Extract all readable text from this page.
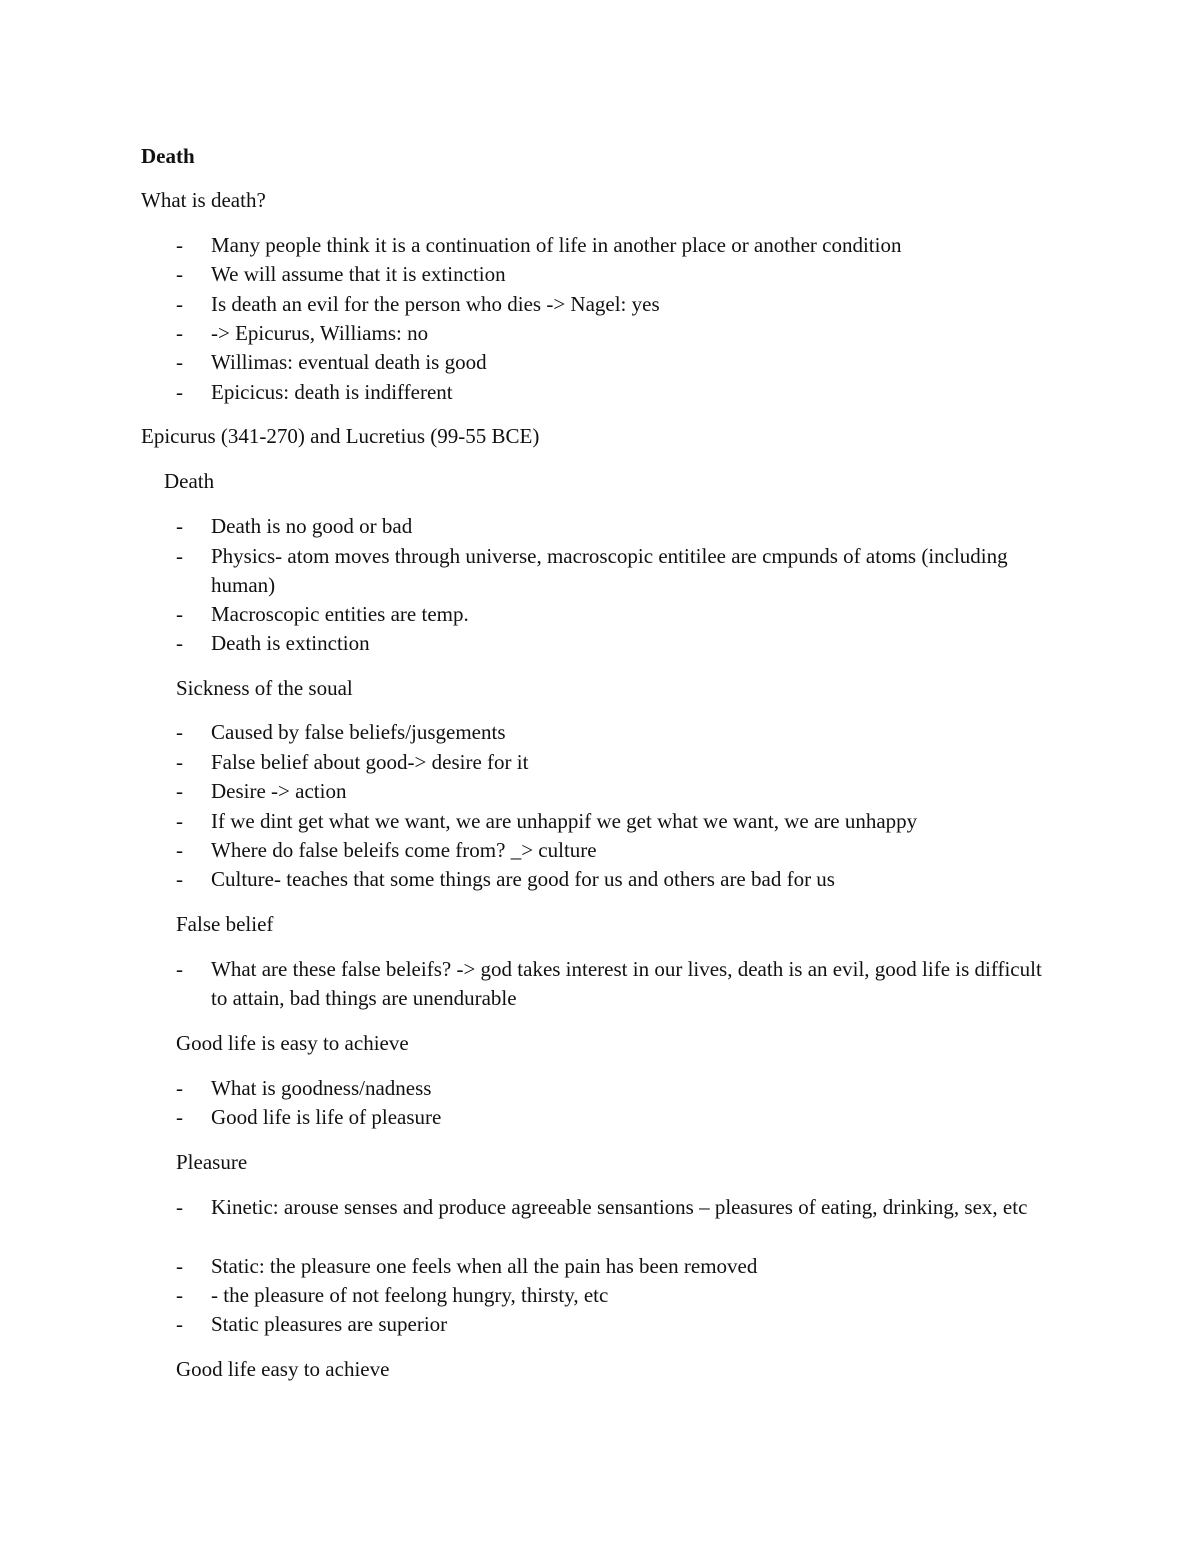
Death
What is death?
-	Many people think it is a continuation of life in another place or another condition
-	We will assume that it is extinction
-	Is death an evil for the person who dies -> Nagel: yes
-	-> Epicurus, Williams: no
-	Willimas: eventual death is good
-	Epicicus: death is indifferent
Epicurus (341-270) and Lucretius (99-55 BCE)
Death
-	Death is no good or bad
-	Physics- atom moves through universe, macroscopic entitilee are cmpunds of atoms (including human)
-	Macroscopic entities are temp.
-	Death is extinction
Sickness of the soual
-	Caused by false beliefs/jusgements
-	False belief about good-> desire for it
-	Desire -> action
-	If we dint get what we want, we are unhappif we get what we want, we are unhappy
-	Where do false beleifs come from? _> culture
-	Culture- teaches that some things are good for us and others are bad for us
False belief
-	What are these false beleifs? -> god takes interest in our lives, death is an evil, good life is difficult to attain, bad things are unendurable
Good life is easy to achieve
-	What is goodness/nadness
-	Good life is life of pleasure
Pleasure
-	Kinetic: arouse senses and produce agreeable sensantions – pleasures of eating, drinking, sex, etc
-	Static: the pleasure one feels when all the pain has been removed
-	- the pleasure of not feelong hungry, thirsty, etc
-	Static pleasures are superior
Good life easy to achieve
